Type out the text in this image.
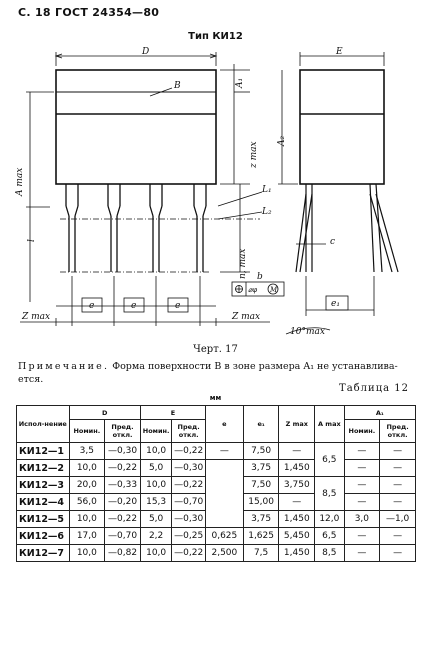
С. 18 ГОСТ 24354—80
Тип КИ12
D
B	A₁
z max
A max
l
n, max
L₁
L₂
b
⌀φ M
e	e	e
Z max	Z max
E
A₂
c
e₁
10°max
Черт. 17
Примечание. Форма поверхности B в зоне размера A₁ не устанавлива-ется.
Таблица 12
мм
Испол-нение	D		E		e	e₁	Z max	A max	A₁	
	Номин.	Пред. откл.	Номин.	Пред. откл.					Номин.	Пред. откл.
КИ12—1	3,5	—0,30	10,0	—0,22	—	7,50	—	6,5	—	—
КИ12—2	10,0	—0,22	5,0	—0,30		3,75	1,450		—	—
КИ12—3	20,0	—0,33	10,0	—0,22		7,50	3,750	8,5	—	—
КИ12—4	56,0	—0,20	15,3	—0,70		15,00	—		—	—
КИ12—5	10,0	—0,22	5,0	—0,30		3,75	1,450	12,0	3,0	—1,0
КИ12—6	17,0	—0,70	2,2	—0,25	0,625	1,625	5,450	6,5	—	—
КИ12—7	10,0	—0,82	10,0	—0,22	2,500	7,5	1,450	8,5	—	—
